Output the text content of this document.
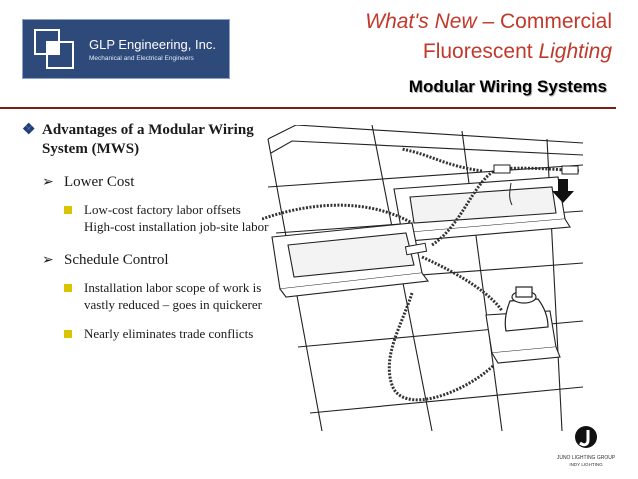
GLP Engineering, Inc.
Mechanical and Electrical Engineers
What's New – Commercial
Fluorescent Lighting
Modular Wiring Systems
❖ Advantages of a Modular Wiring System (MWS)
➢ Lower Cost
Low-cost factory labor offsets High-cost installation job-site labor
➢ Schedule Control
Installation labor scope of work is vastly reduced – goes in quickerer
Nearly eliminates trade conflicts
JUNO LIGHTING GROUP
INDY LIGHTING
